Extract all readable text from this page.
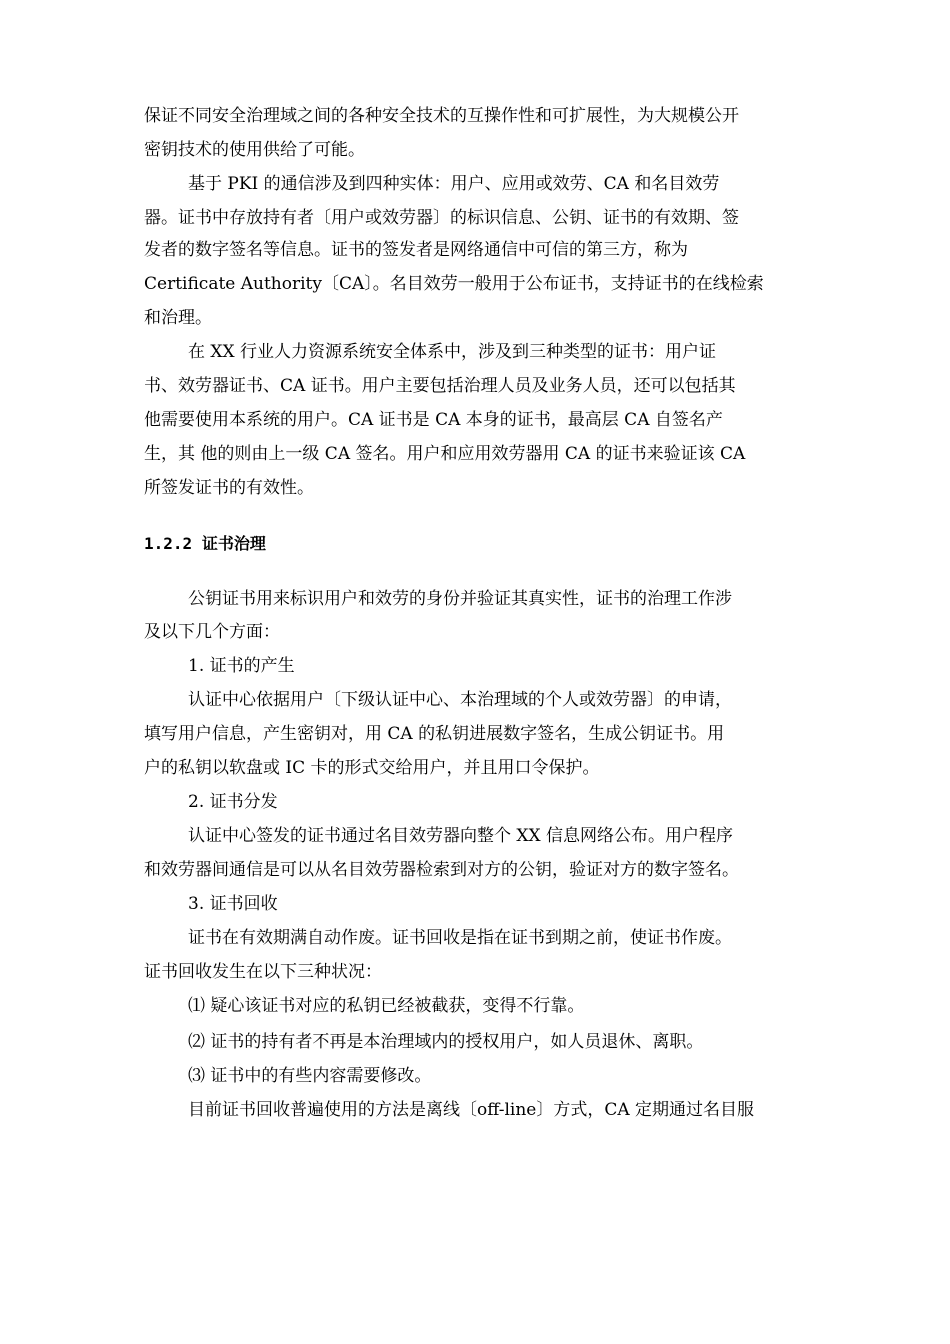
保证不同安全治理域之间的各种安全技术的互操作性和可扩展性，为大规模公开
密钥技术的使用供给了可能。
基于 PKI 的通信涉及到四种实体：用户、应用或效劳、CA 和名目效劳
器。证书中存放持有者〔用户或效劳器〕的标识信息、公钥、证书的有效期、签
发者的数字签名等信息。证书的签发者是网络通信中可信的第三方，称为
Certificate Authority〔CA〕。名目效劳一般用于公布证书，支持证书的在线检索
和治理。
在 XX 行业人力资源系统安全体系中，涉及到三种类型的证书：用户证
书、效劳器证书、CA 证书。用户主要包括治理人员及业务人员，还可以包括其
他需要使用本系统的用户。CA 证书是 CA 本身的证书，最高层 CA 自签名产
生，其 他的则由上一级 CA 签名。用户和应用效劳器用 CA 的证书来验证该 CA
所签发证书的有效性。
1.2.2 证书治理
公钥证书用来标识用户和效劳的身份并验证其真实性，证书的治理工作涉
及以下几个方面：
1. 证书的产生
认证中心依据用户〔下级认证中心、本治理域的个人或效劳器〕的申请，
填写用户信息，产生密钥对，用 CA 的私钥进展数字签名，生成公钥证书。用
户的私钥以软盘或 IC 卡的形式交给用户，并且用口令保护。
2. 证书分发
认证中心签发的证书通过名目效劳器向整个 XX 信息网络公布。用户程序
和效劳器间通信是可以从名目效劳器检索到对方的公钥，验证对方的数字签名。
3. 证书回收
证书在有效期满自动作废。证书回收是指在证书到期之前，使证书作废。
证书回收发生在以下三种状况：
⑴ 疑心该证书对应的私钥已经被截获，变得不行靠。
⑵ 证书的持有者不再是本治理域内的授权用户，如人员退休、离职。
⑶ 证书中的有些内容需要修改。
目前证书回收普遍使用的方法是离线〔off-line〕方式，CA 定期通过名目服
